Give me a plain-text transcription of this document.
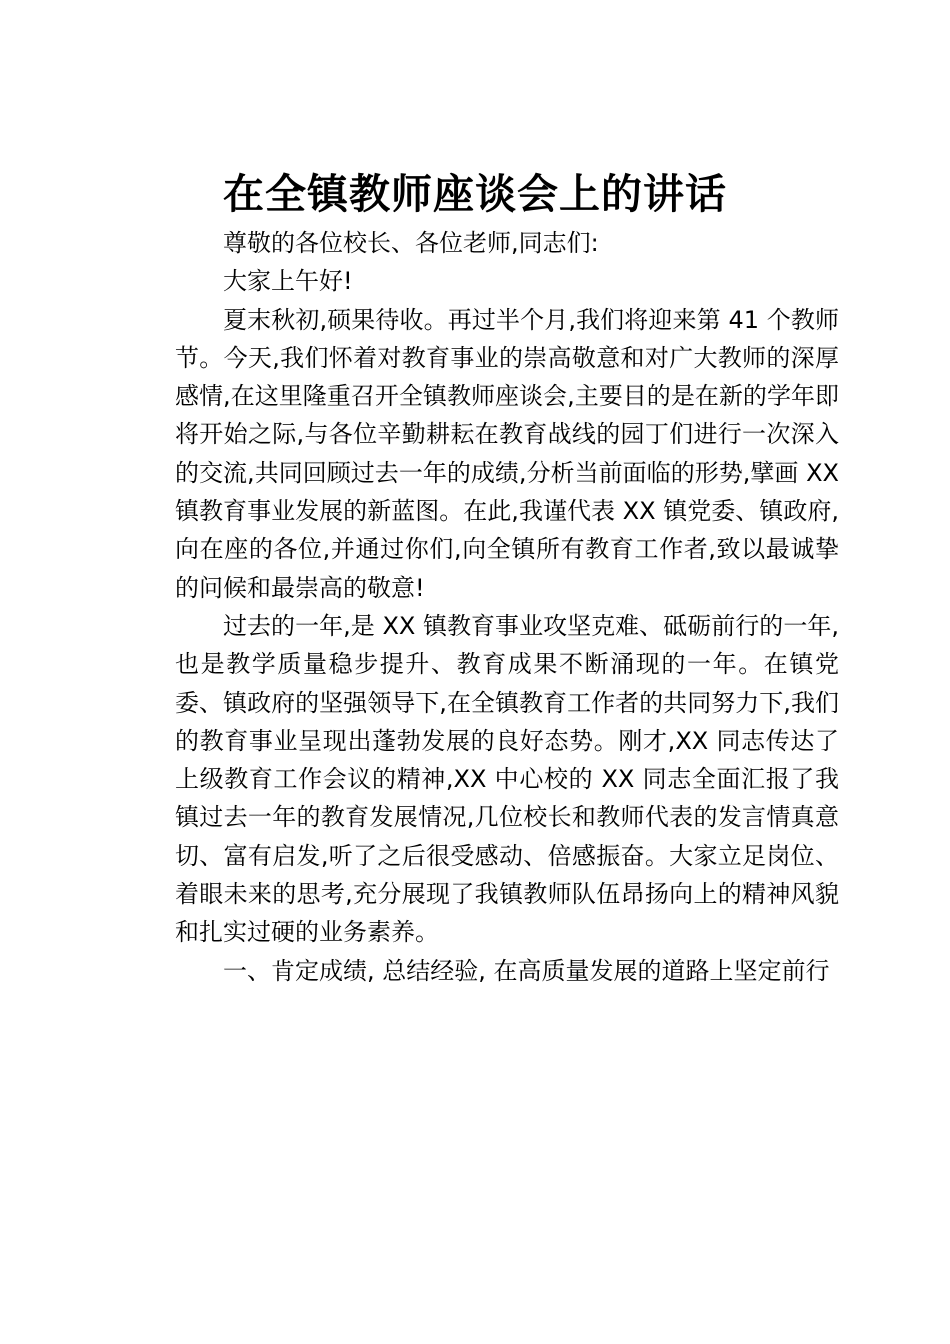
在全镇教师座谈会上的讲话
尊敬的各位校长、各位老师,同志们:
大家上午好!
夏末秋初,硕果待收。再过半个月,我们将迎来第 41 个教师
节。今天,我们怀着对教育事业的崇高敬意和对广大教师的深厚
感情,在这里隆重召开全镇教师座谈会,主要目的是在新的学年即
将开始之际,与各位辛勤耕耘在教育战线的园丁们进行一次深入
的交流,共同回顾过去一年的成绩,分析当前面临的形势,擘画 XX
镇教育事业发展的新蓝图。在此,我谨代表 XX 镇党委、镇政府,
向在座的各位,并通过你们,向全镇所有教育工作者,致以最诚挚
的问候和最崇高的敬意!
过去的一年,是 XX 镇教育事业攻坚克难、砥砺前行的一年,
也是教学质量稳步提升、教育成果不断涌现的一年。在镇党
委、镇政府的坚强领导下,在全镇教育工作者的共同努力下,我们
的教育事业呈现出蓬勃发展的良好态势。刚才,XX 同志传达了
上级教育工作会议的精神,XX 中心校的 XX 同志全面汇报了我
镇过去一年的教育发展情况,几位校长和教师代表的发言情真意
切、富有启发,听了之后很受感动、倍感振奋。大家立足岗位、
着眼未来的思考,充分展现了我镇教师队伍昂扬向上的精神风貌
和扎实过硬的业务素养。
一、肯定成绩, 总结经验, 在高质量发展的道路上坚定前行
